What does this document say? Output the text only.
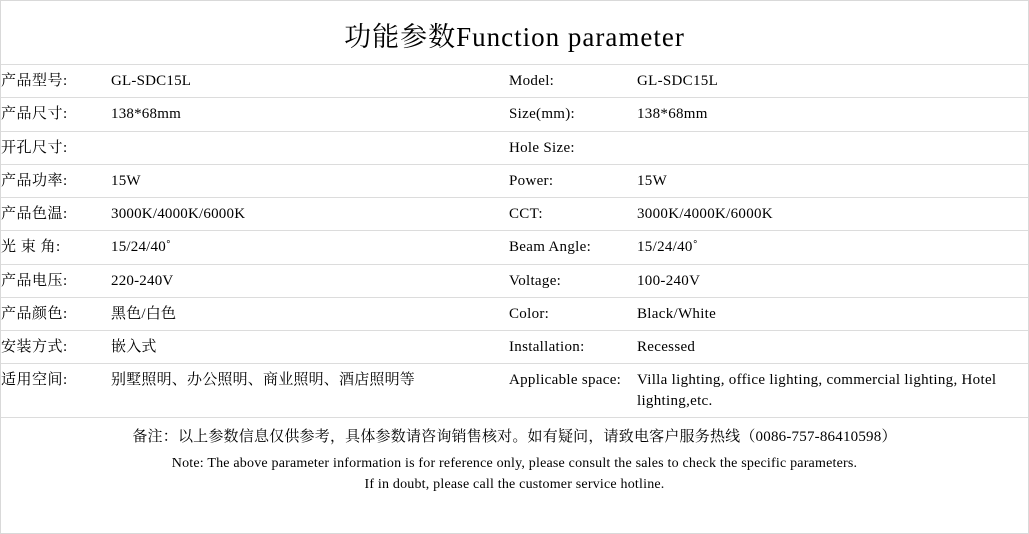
功能参数Function parameter
产品型号:	GL-SDC15L	Model:	GL-SDC15L
产品尺寸:	138*68mm	Size(mm):	138*68mm
开孔尺寸:		Hole Size:	
产品功率:	15W	Power:	15W
产品色温:	3000K/4000K/6000K	CCT:	3000K/4000K/6000K
光 束 角:	15/24/40˚	Beam Angle:	15/24/40˚
产品电压:	220-240V	Voltage:	100-240V
产品颜色:	黑色/白色	Color:	Black/White
安装方式:	嵌入式	Installation:	Recessed
适用空间:	别墅照明、办公照明、商业照明、酒店照明等	Applicable space:	Villa lighting, office lighting, commercial lighting, Hotel lighting,etc.
备注：以上参数信息仅供参考，具体参数请咨询销售核对。如有疑问，请致电客户服务热线（0086-757-86410598）
Note: The above parameter information is for reference only, please consult the sales to check the specific parameters.
If in doubt, please call the customer service hotline.
